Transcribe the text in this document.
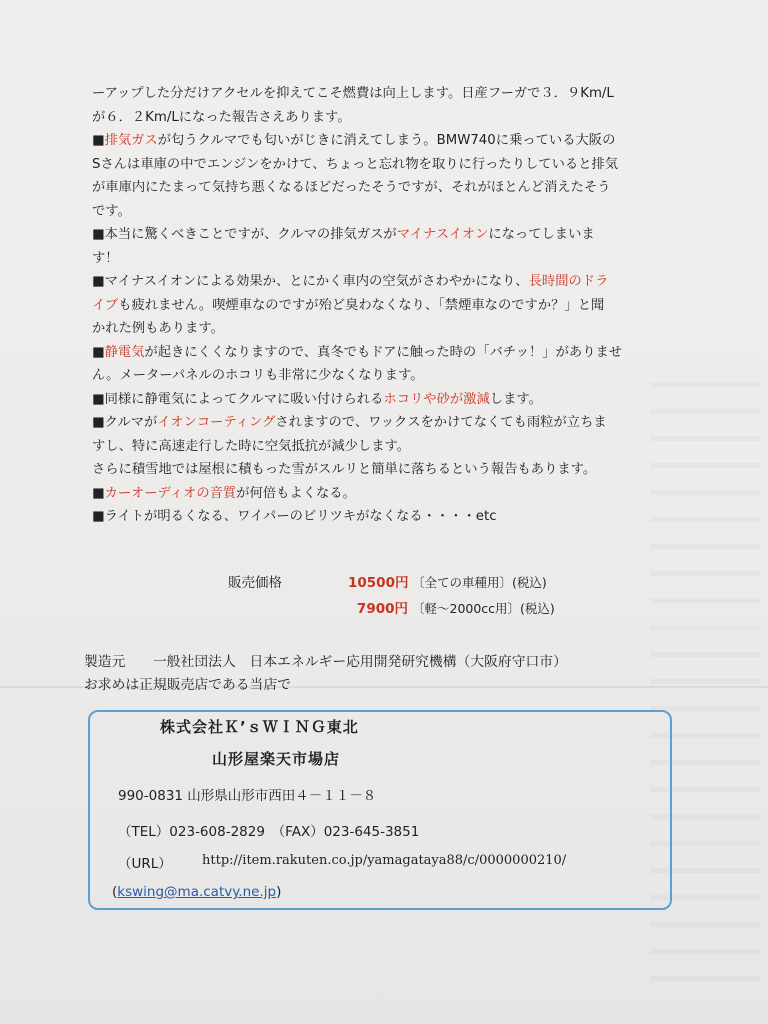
ーアップした分だけアクセルを抑えてこそ燃費は向上します。日産フーガで３．９Km/L
が６．２Km/Lになった報告さえあります。
■排気ガスが匂うクルマでも匂いがじきに消えてしまう。BMW740に乗っている大阪の
Sさんは車庫の中でエンジンをかけて、ちょっと忘れ物を取りに行ったりしていると排気
が車庫内にたまって気持ち悪くなるほどだったそうですが、それがほとんど消えたそう
です。
■本当に驚くべきことですが、クルマの排気ガスがマイナスイオンになってしまいま
す！
■マイナスイオンによる効果か、とにかく車内の空気がさわやかになり、長時間のドラ
イブも疲れません。喫煙車なのですが殆ど臭わなくなり、「禁煙車なのですか？」と聞
かれた例もあります。
■静電気が起きにくくなりますので、真冬でもドアに触った時の「バチッ！」がありませ
ん。メーターパネルのホコリも非常に少なくなります。
■同様に静電気によってクルマに吸い付けられるホコリや砂が激減します。
■クルマがイオンコーティングされますので、ワックスをかけてなくても雨粒が立ちま
すし、特に高速走行した時に空気抵抗が減少します。
さらに積雪地では屋根に積もった雪がスルリと簡単に落ちるという報告もあります。
■カーオーディオの音質が何倍もよくなる。
■ライトが明るくなる、ワイパーのビリツキがなくなる・・・・etc
販売価格	10500円 〔全ての車種用〕(税込)
7900円 〔軽～2000cc用〕(税込)
製造元　　一般社団法人　日本エネルギー応用開発研究機構（大阪府守口市）
お求めは正規販売店である当店で
株式会社Ｋ’ｓＷＩＮＧ東北
山形屋楽天市場店
990-0831 山形県山形市西田４－１１－８
（TEL）023-608-2829　（FAX）023-645-3851
（URL） http://item.rakuten.co.jp/yamagataya88/c/0000000210/
(kswing@ma.catvy.ne.jp)
